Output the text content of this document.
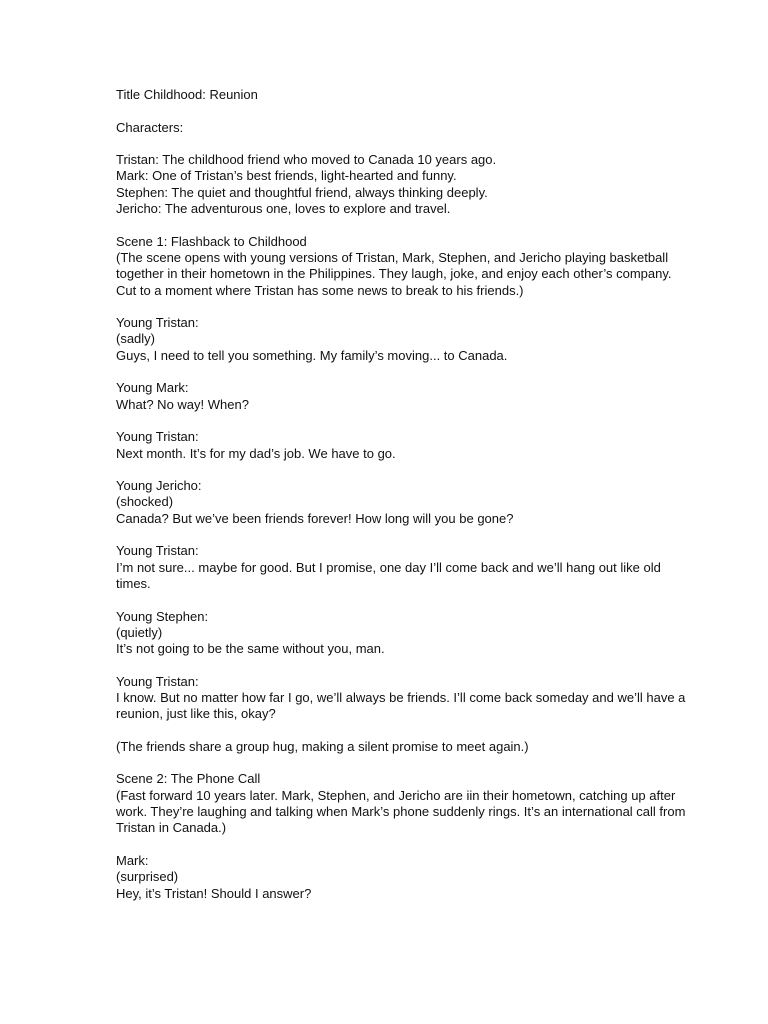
Title Childhood: Reunion

Characters:

Tristan: The childhood friend who moved to Canada 10 years ago.
Mark: One of Tristan’s best friends, light-hearted and funny.
Stephen: The quiet and thoughtful friend, always thinking deeply.
Jericho: The adventurous one, loves to explore and travel.

Scene 1: Flashback to Childhood
(The scene opens with young versions of Tristan, Mark, Stephen, and Jericho playing basketball together in their hometown in the Philippines. They laugh, joke, and enjoy each other’s company. Cut to a moment where Tristan has some news to break to his friends.)

Young Tristan:
(sadly)
Guys, I need to tell you something. My family’s moving... to Canada.

Young Mark:
What? No way! When?

Young Tristan:
Next month. It’s for my dad’s job. We have to go.

Young Jericho:
(shocked)
Canada? But we’ve been friends forever! How long will you be gone?

Young Tristan:
I’m not sure... maybe for good. But I promise, one day I’ll come back and we’ll hang out like old times.

Young Stephen:
(quietly)
It’s not going to be the same without you, man.

Young Tristan:
I know. But no matter how far I go, we’ll always be friends. I’ll come back someday and we’ll have a reunion, just like this, okay?

(The friends share a group hug, making a silent promise to meet again.)

Scene 2: The Phone Call
(Fast forward 10 years later. Mark, Stephen, and Jericho are iin their hometown, catching up after work. They’re laughing and talking when Mark’s phone suddenly rings. It’s an international call from Tristan in Canada.)

Mark:
(surprised)
Hey, it’s Tristan! Should I answer?
